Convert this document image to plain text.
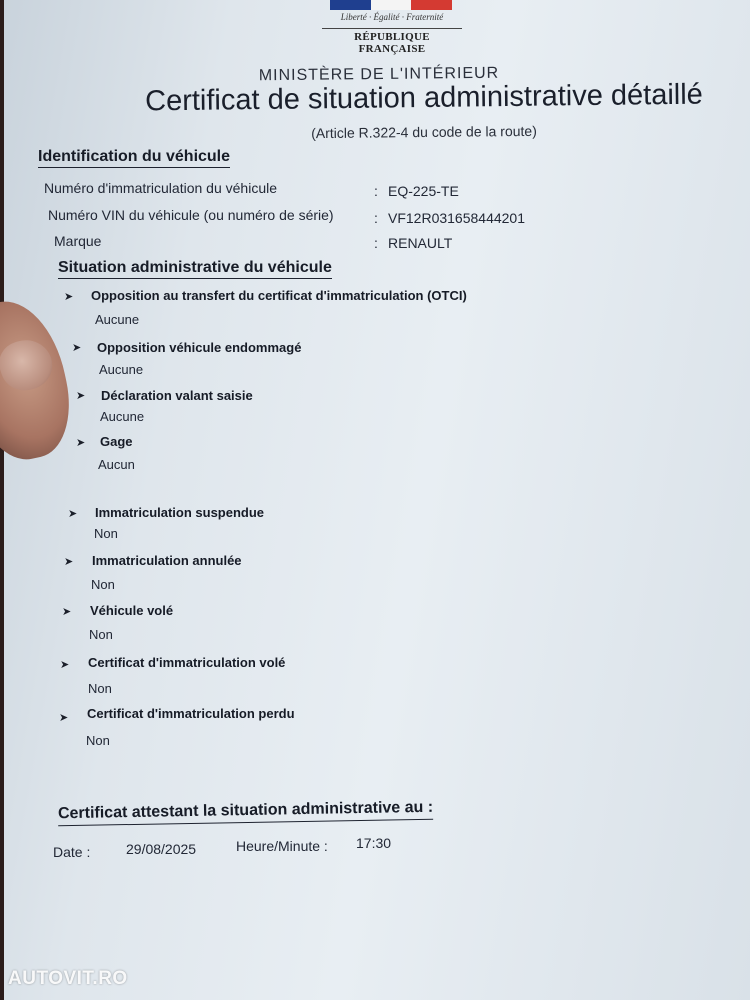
Liberté · Égalité · Fraternité
RÉPUBLIQUE FRANÇAISE
MINISTÈRE DE L'INTÉRIEUR
Certificat de situation administrative détaillé
(Article R.322-4 du code de la route)
Identification du véhicule
Numéro d'immatriculation du véhicule	: EQ-225-TE
Numéro VIN du véhicule (ou numéro de série)	: VF12R031658444201
Marque	: RENAULT
Situation administrative du véhicule
➤ Opposition au transfert du certificat d'immatriculation (OTCI)
Aucune
➤ Opposition véhicule endommagé
Aucune
➤ Déclaration valant saisie
Aucune
➤ Gage
Aucun
➤ Immatriculation suspendue
Non
➤ Immatriculation annulée
Non
➤ Véhicule volé
Non
➤ Certificat d'immatriculation volé
Non
➤ Certificat d'immatriculation perdu
Non
Certificat attestant la situation administrative au :
Date :	29/08/2025	Heure/Minute : 17:30
AUTOVIT.RO
